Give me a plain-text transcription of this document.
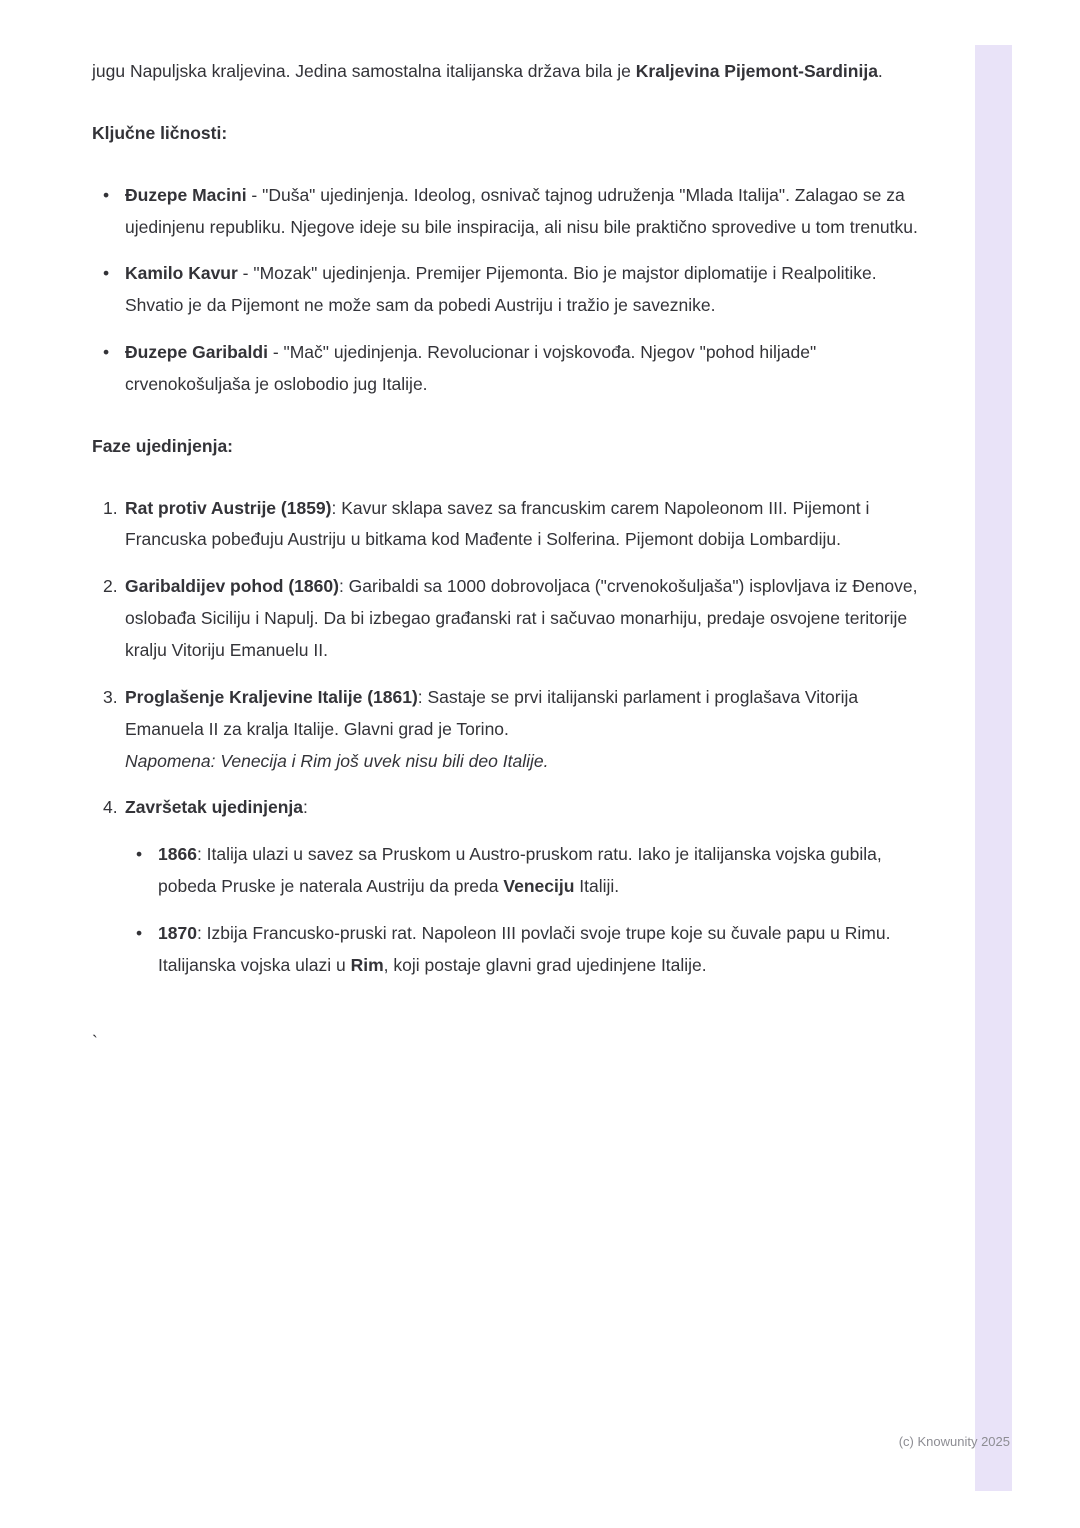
jugu Napuljska kraljevina. Jedina samostalna italijanska država bila je Kraljevina Pijemont-Sardinija.

Ključne ličnosti:
•
Đuzepe Macini - "Duša" ujedinjenja. Ideolog, osnivač tajnog udruženja "Mlada Italija". Zalagao se za ujedinjenu republiku. Njegove ideje su bile inspiracija, ali nisu bile praktično sprovedive u tom trenutku.
•
Kamilo Kavur - "Mozak" ujedinjenja. Premijer Pijemonta. Bio je majstor diplomatije i Realpolitike. Shvatio je da Pijemont ne može sam da pobedi Austriju i tražio je saveznike.
•
Đuzepe Garibaldi - "Mač" ujedinjenja. Revolucionar i vojskovođa. Njegov "pohod hiljade" crvenokošuljaša je oslobodio jug Italije.
Faze ujedinjenja:
1. Rat protiv Austrije (1859): Kavur sklapa savez sa francuskim carem Napoleonom III. Pijemont i Francuska pobeđuju Austriju u bitkama kod Mađente i Solferina. Pijemont dobija Lombardiju.
2. Garibaldijev pohod (1860): Garibaldi sa 1000 dobrovoljaca ("crvenokošuljaša") isplovljava iz Đenove, oslobađa Siciliju i Napulj. Da bi izbegao građanski rat i sačuvao monarhiju, predaje osvojene teritorije kralju Vitoriju Emanuelu II.
3. Proglašenje Kraljevine Italije (1861): Sastaje se prvi italijanski parlament i proglašava Vitorija Emanuela II za kralja Italije. Glavni grad je Torino.
Napomena: Venecija i Rim još uvek nisu bili deo Italije.
4. Završetak ujedinjenja:
•
1866: Italija ulazi u savez sa Pruskom u Austro-pruskom ratu. Iako je italijanska vojska gubila, pobeda Pruske je naterala Austriju da preda Veneciju Italiji.
•
1870: Izbija Francusko-pruski rat. Napoleon III povlači svoje trupe koje su čuvale papu u Rimu. Italijanska vojska ulazi u Rim, koji postaje glavni grad ujedinjene Italije.

`

(c) Knowunity 2025
